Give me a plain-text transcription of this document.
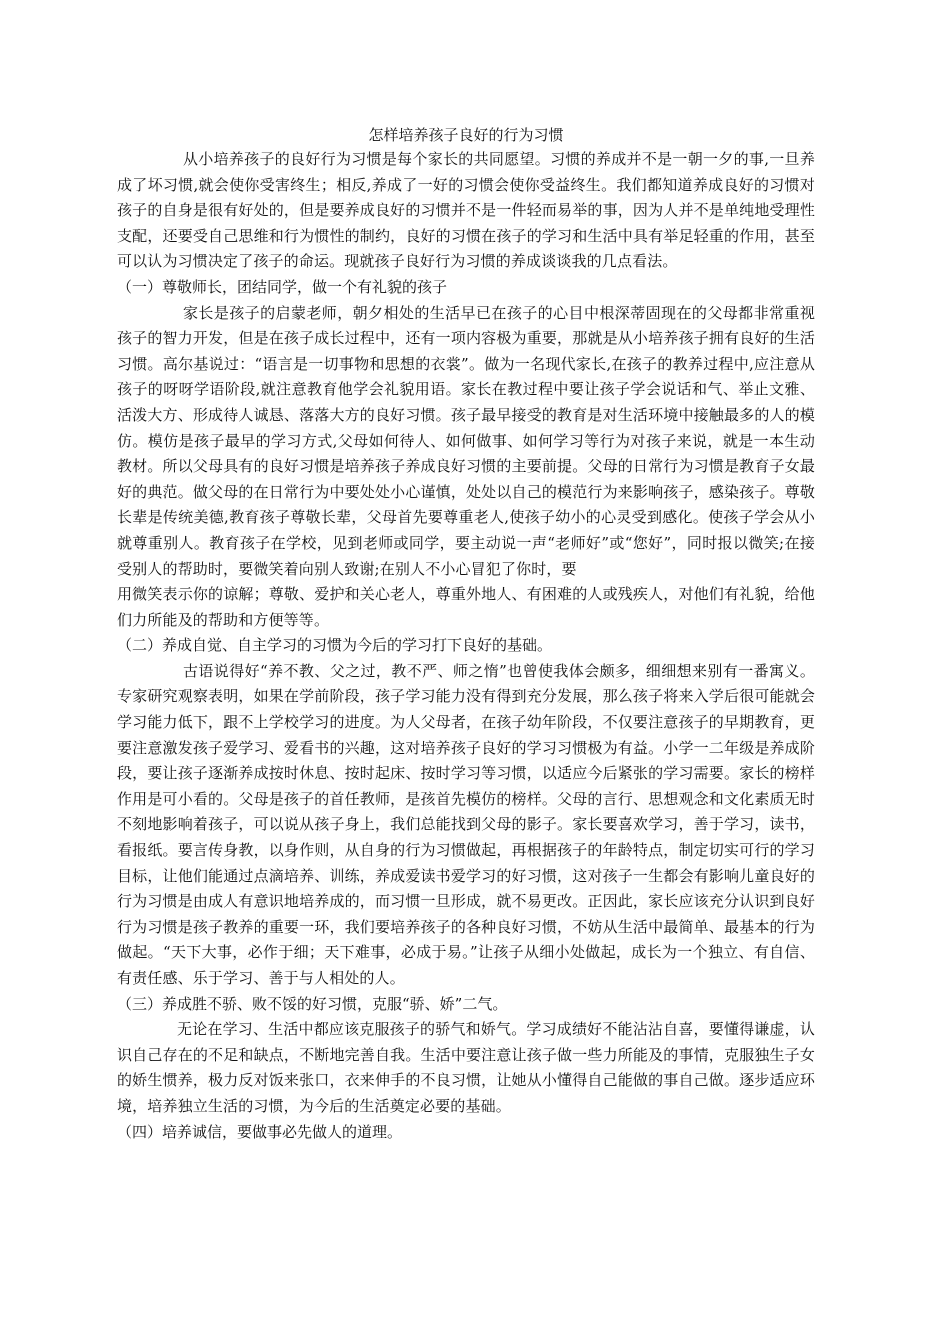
怎样培养孩子良好的行为习惯

从小培养孩子的良好行为习惯是每个家长的共同愿望。习惯的养成并不是一朝一夕的事,一旦养成了坏习惯,就会使你受害终生；相反,养成了一好的习惯会使你受益终生。我们都知道养成良好的习惯对孩子的自身是很有好处的，但是要养成良好的习惯并不是一件轻而易举的事，因为人并不是单纯地受理性支配，还要受自己思维和行为惯性的制约，良好的习惯在孩子的学习和生活中具有举足轻重的作用，甚至可以认为习惯决定了孩子的命运。现就孩子良好行为习惯的养成谈谈我的几点看法。

（一）尊敬师长，团结同学，做一个有礼貌的孩子

家长是孩子的启蒙老师，朝夕相处的生活早已在孩子的心目中根深蒂固现在的父母都非常重视孩子的智力开发，但是在孩子成长过程中，还有一项内容极为重要，那就是从小培养孩子拥有良好的生活习惯。高尔基说过：“语言是一切事物和思想的衣裳”。做为一名现代家长,在孩子的教养过程中,应注意从孩子的呀呀学语阶段,就注意教育他学会礼貌用语。家长在教过程中要让孩子学会说话和气、举止文雅、活泼大方、形成待人诚恳、落落大方的良好习惯。孩子最早接受的教育是对生活环境中接触最多的人的模仿。模仿是孩子最早的学习方式,父母如何待人、如何做事、如何学习等行为对孩子来说，就是一本生动教材。所以父母具有的良好习惯是培养孩子养成良好习惯的主要前提。父母的日常行为习惯是教育子女最好的典范。做父母的在日常行为中要处处小心谨慎，处处以自己的模范行为来影响孩子，感染孩子。尊敬长辈是传统美德,教育孩子尊敬长辈，父母首先要尊重老人,使孩子幼小的心灵受到感化。使孩子学会从小就尊重别人。教育孩子在学校，见到老师或同学，要主动说一声“老师好”或“您好”，同时报以微笑;在接受别人的帮助时，要微笑着向别人致谢;在别人不小心冒犯了你时，要

用微笑表示你的谅解；尊敬、爱护和关心老人，尊重外地人、有困难的人或残疾人，对他们有礼貌，给他们力所能及的帮助和方便等等。

（二）养成自觉、自主学习的习惯为今后的学习打下良好的基础。

古语说得好“养不教、父之过，教不严、师之惰”也曾使我体会颇多，细细想来别有一番寓义。专家研究观察表明，如果在学前阶段，孩子学习能力没有得到充分发展，那么孩子将来入学后很可能就会学习能力低下，跟不上学校学习的进度。为人父母者，在孩子幼年阶段，不仅要注意孩子的早期教育，更要注意激发孩子爱学习、爱看书的兴趣，这对培养孩子良好的学习习惯极为有益。小学一二年级是养成阶段，要让孩子逐渐养成按时休息、按时起床、按时学习等习惯，以适应今后紧张的学习需要。家长的榜样作用是可小看的。父母是孩子的首任教师，是孩首先模仿的榜样。父母的言行、思想观念和文化素质无时不刻地影响着孩子，可以说从孩子身上，我们总能找到父母的影子。家长要喜欢学习，善于学习，读书，看报纸。要言传身教，以身作则，从自身的行为习惯做起，再根据孩子的年龄特点，制定切实可行的学习目标，让他们能通过点滴培养、训练，养成爱读书爱学习的好习惯，这对孩子一生都会有影响儿童良好的行为习惯是由成人有意识地培养成的，而习惯一旦形成，就不易更改。正因此，家长应该充分认识到良好行为习惯是孩子教养的重要一环，我们要培养孩子的各种良好习惯，不妨从生活中最简单、最基本的行为做起。“天下大事，必作于细；天下难事，必成于易。”让孩子从细小处做起，成长为一个独立、有自信、有责任感、乐于学习、善于与人相处的人。

（三）养成胜不骄、败不馁的好习惯，克服“骄、娇”二气。

无论在学习、生活中都应该克服孩子的骄气和娇气。学习成绩好不能沾沾自喜，要懂得谦虚，认识自己存在的不足和缺点，不断地完善自我。生活中要注意让孩子做一些力所能及的事情，克服独生子女的娇生惯养，极力反对饭来张口，衣来伸手的不良习惯，让她从小懂得自己能做的事自己做。逐步适应环境，培养独立生活的习惯，为今后的生活奠定必要的基础。

（四）培养诚信，要做事必先做人的道理。
